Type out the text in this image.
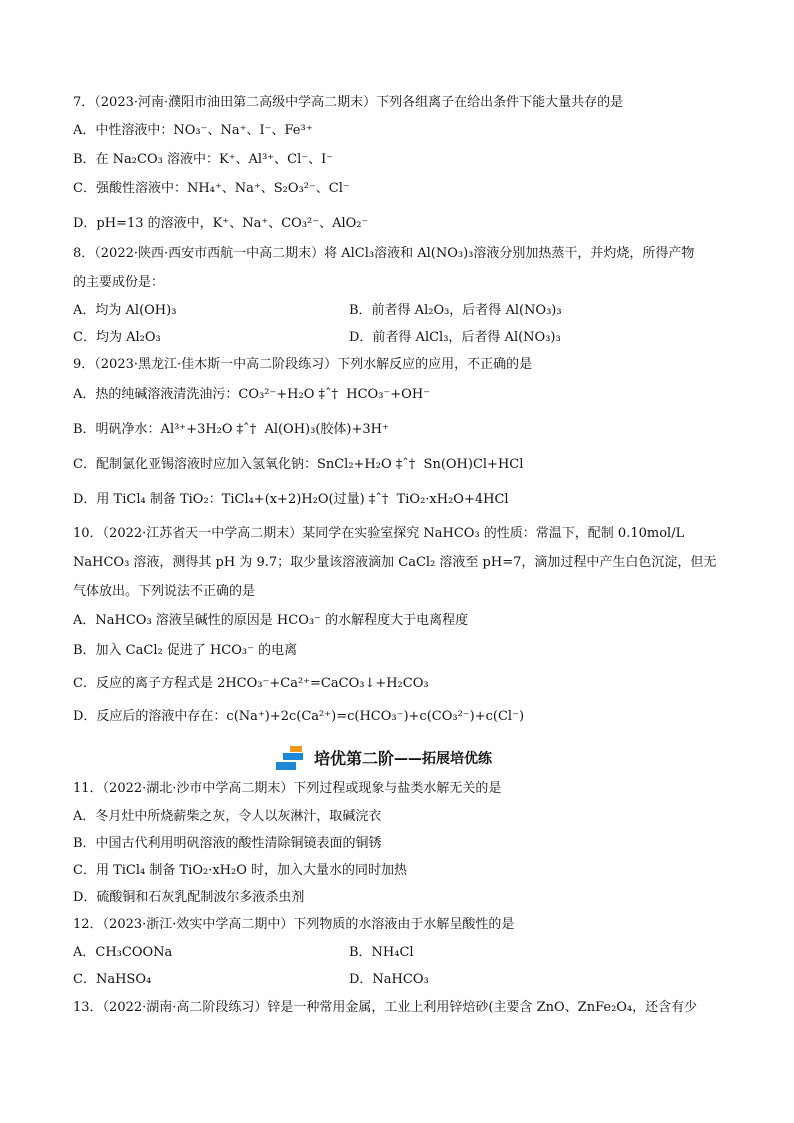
7．（2023·河南·濮阳市油田第二高级中学高二期末）下列各组离子在给出条件下能大量共存的是
A．中性溶液中：NO₃⁻、Na⁺、I⁻、Fe³⁺
B．在 Na₂CO₃ 溶液中：K⁺、Al³⁺、Cl⁻、I⁻
C．强酸性溶液中：NH₄⁺、Na⁺、S₂O₃²⁻、Cl⁻
D．pH=13 的溶液中，K⁺、Na⁺、CO₃²⁻、AlO₂⁻
8．（2022·陕西·西安市西航一中高二期末）将 AlCl₃溶液和 Al(NO₃)₃溶液分别加热蒸干，并灼烧，所得产物
的主要成份是：
A．均为 Al(OH)₃	B．前者得 Al₂O₃，后者得 Al(NO₃)₃
C．均为 Al₂O₃	D．前者得 AlCl₃，后者得 Al(NO₃)₃
9．（2023·黑龙江·佳木斯一中高二阶段练习）下列水解反应的应用，不正确的是
A．热的纯碱溶液清洗油污：CO₃²⁻+H₂O ‡ˆ†  HCO₃⁻+OH⁻
B．明矾净水：Al³⁺+3H₂O ‡ˆ†  Al(OH)₃(胶体)+3H⁺
C．配制氯化亚锡溶液时应加入氢氧化钠：SnCl₂+H₂O ‡ˆ†  Sn(OH)Cl+HCl
D．用 TiCl₄ 制备 TiO₂：TiCl₄+(x+2)H₂O(过量) ‡ˆ†  TiO₂·xH₂O+4HCl
10．（2022·江苏省天一中学高二期末）某同学在实验室探究 NaHCO₃ 的性质：常温下，配制 0.10mol/L
NaHCO₃ 溶液，测得其 pH 为 9.7；取少量该溶液滴加 CaCl₂ 溶液至 pH=7，滴加过程中产生白色沉淀，但无
气体放出。下列说法不正确的是
A．NaHCO₃ 溶液呈碱性的原因是 HCO₃⁻ 的水解程度大于电离程度
B．加入 CaCl₂ 促进了 HCO₃⁻ 的电离
C．反应的离子方程式是 2HCO₃⁻+Ca²⁺=CaCO₃↓+H₂CO₃
D．反应后的溶液中存在：c(Na⁺)+2c(Ca²⁺)=c(HCO₃⁻)+c(CO₃²⁻)+c(Cl⁻)
培优第二阶 ——拓展培优练
11．（2022·湖北·沙市中学高二期末）下列过程或现象与盐类水解无关的是
A．冬月灶中所烧薪柴之灰，令人以灰淋汁，取碱浣衣
B．中国古代利用明矾溶液的酸性清除铜镜表面的铜锈
C．用 TiCl₄ 制备 TiO₂·xH₂O 时，加入大量水的同时加热
D．硫酸铜和石灰乳配制波尔多液杀虫剂
12．（2023·浙江·效实中学高二期中）下列物质的水溶液由于水解呈酸性的是
A．CH₃COONa	B．NH₄Cl
C．NaHSO₄	D．NaHCO₃
13．（2022·湖南·高二阶段练习）锌是一种常用金属，工业上利用锌焙砂(主要含 ZnO、ZnFe₂O₄，还含有少
